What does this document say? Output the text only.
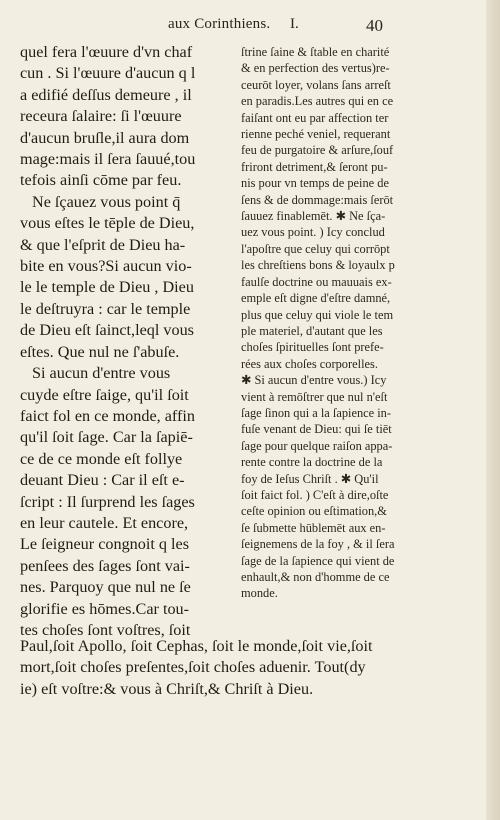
aux Corinthiens. I.	40
quel fera l'œuure d'vn chaf
cun . Si l'œuure d'aucun q l
a edifié deſſus demeure , il
receura ſalaire: ſi l'œuure
d'aucun bruſle,il aura dom
mage:mais il ſera ſauué,tou
tefois ainſi cōme par feu.
Ne ſçauez vous point q̄
vous eſtes le tēple de Dieu,
& que l'eſprit de Dieu ha-
bite en vous?Si aucun vio-
le le temple de Dieu , Dieu
le deſtruyra : car le temple
de Dieu eſt ſainct,leql vous
eſtes. Que nul ne ſ'abuſe.
Si aucun d'entre vous
cuyde eſtre ſaige, qu'il ſoit
faict fol en ce monde, affin
qu'il ſoit ſage. Car la ſapiē-
ce de ce monde eſt follye
deuant Dieu : Car il eſt e-
ſcript : Il ſurprend les ſages
en leur cautele. Et encore,
Le ſeigneur congnoit q les
penſees des ſages ſont vai-
nes. Parquoy que nul ne ſe
glorifie es hōmes.Car tou-
tes choſes ſont voſtres, ſoit
ſtrine ſaine & ſtable en charité
& en perfection des vertus)re-
ceurōt loyer, volans ſans arreſt
en paradis.Les autres qui en ce
faiſant ont eu par affection ter
rienne peché veniel, requerant
feu de purgatoire & arſure,ſouf
friront detriment,& ſeront pu-
nis pour vn temps de peine de
ſens & de dommage:mais ſerōt
ſauuez finablemēt. ✱ Ne ſça-
uez vous point. ) Icy conclud
l'apoſtre que celuy qui corrōpt
les chreſtiens bons & loyaulx p
faulſe doctrine ou mauuais ex-
emple eſt digne d'eſtre damné,
plus que celuy qui viole le tem
ple materiel, d'autant que les
choſes ſpirituelles ſont prefe-
rées aux choſes corporelles.
✱ Si aucun d'entre vous.) Icy
vient à remōſtrer que nul n'eſt
ſage ſinon qui a la ſapience in-
fuſe venant de Dieu: qui ſe tiēt
ſage pour quelque raiſon appa-
rente contre la doctrine de la
foy de Ieſus Chriſt . ✱ Qu'il
ſoit faict fol. ) C'eſt à dire,oſte
ceſte opinion ou eſtimation,&
ſe ſubmette hūblemēt aux en-
ſeignemens de la foy , & il ſera
ſage de la ſapience qui vient de
enhault,& non d'homme de ce
monde.
Paul,ſoit Apollo, ſoit Cephas, ſoit le monde,ſoit vie,ſoit
mort,ſoit choſes preſentes,ſoit choſes aduenir. Tout(dy
ie) eſt voſtre:& vous à Chriſt,& Chriſt à Dieu.
